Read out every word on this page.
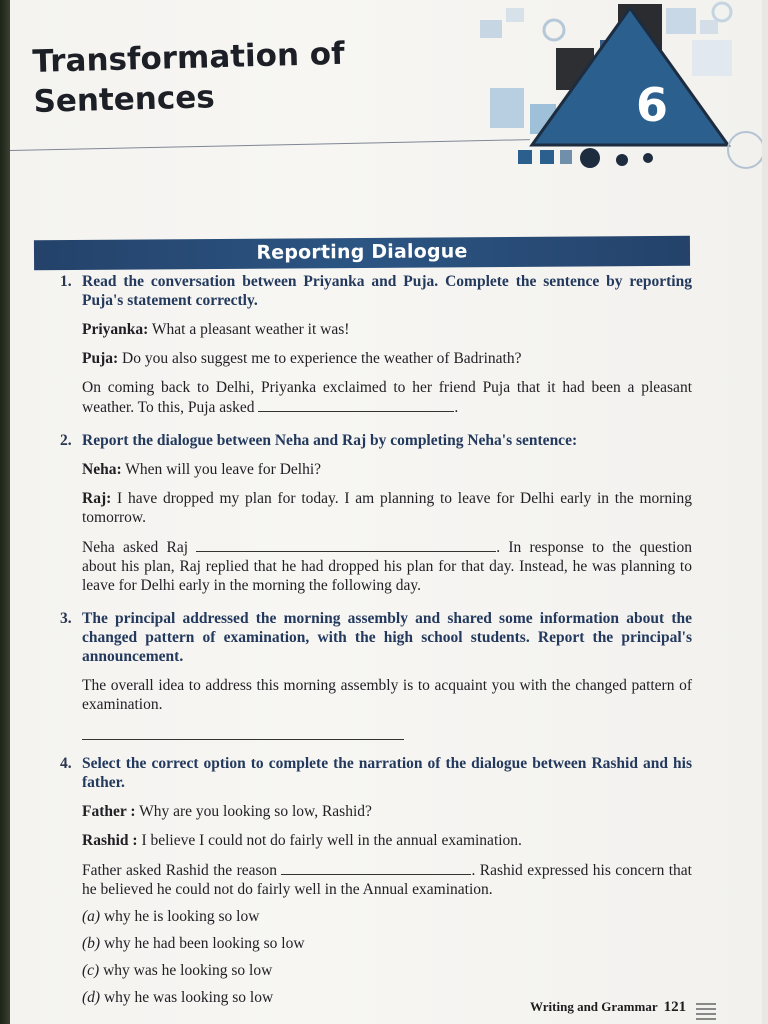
6
Transformation of
Sentences
Reporting Dialogue
1. Read the conversation between Priyanka and Puja. Complete the sentence by reporting Puja's statement correctly.
Priyanka: What a pleasant weather it was!
Puja: Do you also suggest me to experience the weather of Badrinath?
On coming back to Delhi, Priyanka exclaimed to her friend Puja that it had been a pleasant weather. To this, Puja asked	.
2. Report the dialogue between Neha and Raj by completing Neha's sentence:
Neha: When will you leave for Delhi?
Raj: I have dropped my plan for today. I am planning to leave for Delhi early in the morning tomorrow.
Neha asked Raj	. In response to the question about his plan, Raj replied that he had dropped his plan for that day. Instead, he was planning to leave for Delhi early in the morning the following day.
3. The principal addressed the morning assembly and shared some information about the changed pattern of examination, with the high school students. Report the principal's announcement.
The overall idea to address this morning assembly is to acquaint you with the changed pattern of examination.
4. Select the correct option to complete the narration of the dialogue between Rashid and his father.
Father : Why are you looking so low, Rashid?
Rashid : I believe I could not do fairly well in the annual examination.
Father asked Rashid the reason	. Rashid expressed his concern that he believed he could not do fairly well in the Annual examination.
(a) why he is looking so low
(b) why he had been looking so low
(c) why was he looking so low
(d) why he was looking so low
Writing and Grammar 121
